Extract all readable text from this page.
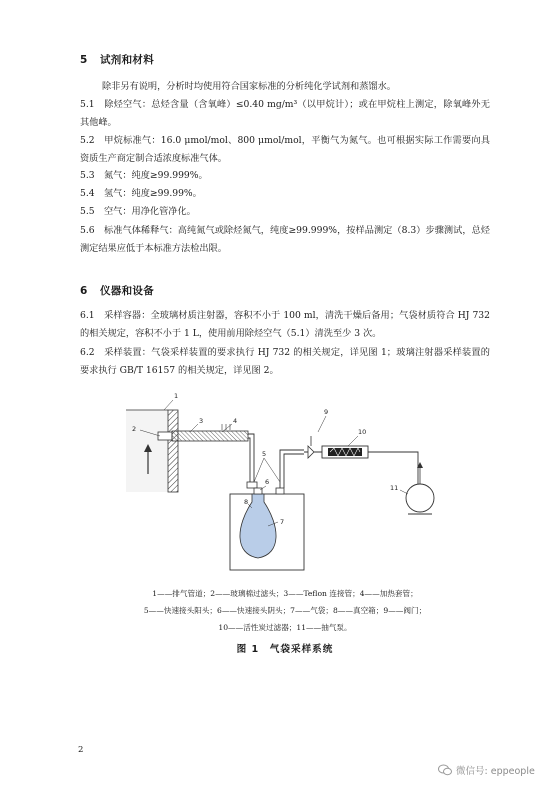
5 试剂和材料
除非另有说明，分析时均使用符合国家标准的分析纯化学试剂和蒸馏水。
5.1 除烃空气：总烃含量（含氧峰）≤0.40 mg/m³（以甲烷计）；或在甲烷柱上测定，除氧峰外无其他峰。
5.2 甲烷标准气：16.0 μmol/mol、800 μmol/mol，平衡气为氮气。也可根据实际工作需要向具资质生产商定制合适浓度标准气体。
5.3 氮气：纯度≥99.999%。
5.4 氢气：纯度≥99.99%。
5.5 空气：用净化管净化。
5.6 标准气体稀释气：高纯氮气或除烃氮气，纯度≥99.999%，按样品测定（8.3）步骤测试，总烃测定结果应低于本标准方法检出限。
6 仪器和设备
6.1 采样容器：全玻璃材质注射器，容积不小于 100 ml，清洗干燥后备用；气袋材质符合 HJ 732 的相关规定，容积不小于 1 L，使用前用除烃空气（5.1）清洗至少 3 次。
6.2 采样装置：气袋采样装置的要求执行 HJ 732 的相关规定，详见图 1；玻璃注射器采样装置的要求执行 GB/T 16157 的相关规定，详见图 2。
1
2
3	4
5
6
7
8
9
10
11
1——排气管道；2——玻璃棉过滤头；3——Teflon 连接管；4——加热套管；
5——快速接头阳头；6——快速接头阴头；7——气袋；8——真空箱；9——阀门；
10——活性炭过滤器；11——抽气泵。
图 1　气袋采样系统
2
微信号: eppeople
